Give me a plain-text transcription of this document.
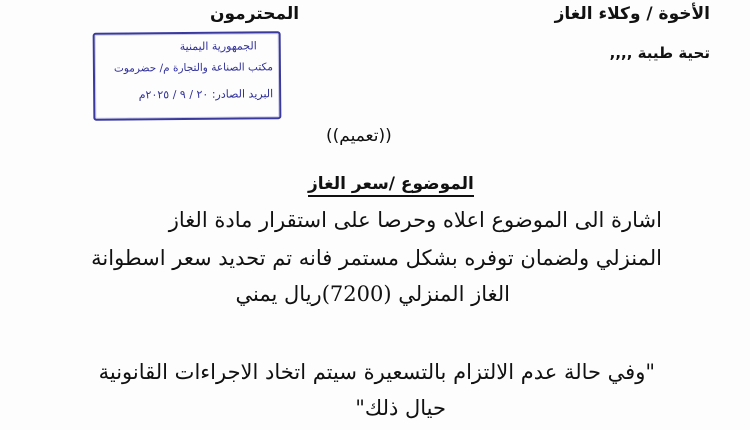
الأخوة / وكلاء الغاز
المحترمون
تحية طيبة ,,,,
الجمهورية اليمنية
مكتب الصناعة والتجارة م/ حضرموت
البريد الصادر: ٢٠ / ٩ / ٢٠٢٥م
((تعميم))
الموضوع /سعر الغاز
اشارة الى الموضوع اعلاه وحرصا على استقرار مادة الغاز
المنزلي ولضمان توفره بشكل مستمر فانه تم تحديد سعر اسطوانة
الغاز المنزلي (7200)ريال يمني
"وفي حالة عدم الالتزام بالتسعيرة سيتم اتخاد الاجراءات القانونية
حيال ذلك"
